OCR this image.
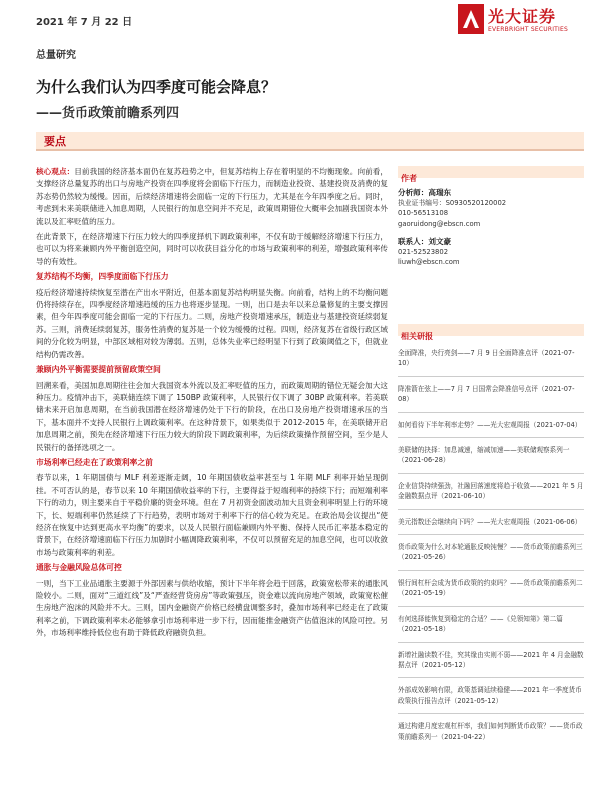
2021 年 7 月 22 日	光大证券
EVERBRIGHT SECURITIES
总量研究
为什么我们认为四季度可能会降息？
——货币政策前瞻系列四
要点

核心观点：目前我国的经济基本面仍在复苏趋势之中，但复苏结构上存在着明显的不均衡现象。向前看，支撑经济总量复苏的出口与房地产投资在四季度将会面临下行压力，而制造业投资、基建投资及消费的复苏态势仍然较为缓慢。因而，后续经济增速将会面临一定的下行压力，尤其是在今年四季度之后。同时，考虑到未来美联储进入加息周期，人民银行的加息空间并不充足，政策周期错位大概率会加剧我国资本外流以及汇率贬值的压力。

在此背景下，在经济增速下行压力较大的四季度择机下调政策利率，不仅有助于缓解经济增速下行压力，也可以为将来兼顾内外平衡创造空间，同时可以收获目益分化的市场与政策利率的利差，增强政策利率传导的有效性。

复苏结构不均衡，四季度面临下行压力

疫后经济增速持续恢复至潜在产出水平附近，但基本面复苏结构明显失衡。向前看，结构上的不均衡问题仍将持续存在，四季度经济增速趋缓的压力也将逐步显现。一则，出口是去年以来总量修复的主要支撑因素，但今年四季度可能会面临一定的下行压力。二则，房地产投资增速承压，制造业与基建投资延续弱复苏。三则，消费延续弱复苏，服务性消费的复苏是一个较为缓慢的过程。四则，经济复苏在省级行政区域间的分化较为明显，中部区域相对较为薄弱。五则，总体失业率已经明显下行到了政策阈值之下，但就业结构仍需改善。

兼顾内外平衡需要提前预留政策空间

回溯来看，美国加息周期往往会加大我国资本外流以及汇率贬值的压力，而政策周期的错位无疑会加大这种压力。疫情冲击下，美联储连续下调了 150BP 政策利率，人民银行仅下调了 30BP 政策利率。若美联储未来开启加息周期，在当前我国潜在经济增速仍处于下行的阶段，在出口及房地产投资增速承压的当下，基本面并不支持人民银行上调政策利率。在这种背景下，如果类似于 2012-2015 年，在美联储开启加息周期之前，预先在经济增速下行压力较大的阶段下调政策利率，为后续政策操作预留空间，至少是人民银行的备择选项之一。

市场利率已经走在了政策利率之前

春节以来，1 年期国债与 MLF 利差逐渐走阔，10 年期国债收益率甚至与 1 年期 MLF 利率开始呈现倒挂。不可否认的是，春节以来 10 年期国债收益率的下行，主要得益于短端利率的持续下行；而短端利率下行的动力，则主要来自于平稳价廉的资金环境。但在 7 月初资金面波动加大且资金利率明显上行的环境下，长、短端利率仍然延续了下行趋势，表明市场对于利率下行的信心较为充足。在政治局会议提出“使经济在恢复中达到更高水平均衡”的要求，以及人民银行面临兼顾内外平衡、保持人民币汇率基本稳定的背景下，在经济增速面临下行压力加剧时小幅调降政策利率，不仅可以预留充足的加息空间，也可以收敛市场与政策利率的利差。

通胀与金融风险总体可控

一则，当下工业品通胀主要源于外部因素与供给收缩，预计下半年将会趋于回落，政策宽松带来的通胀风险较小。二则，面对“三道红线”及“严查经营贷房房”等政策强压，资金难以流向房地产领域，政策宽松催生房地产泡沫的风险并不大。三则，国内金融资产价格已经横盘调整多时，叠加市场利率已经走在了政策利率之前，下调政策利率未必能够拿引市场利率进一步下行，因而能推金融资产估值泡沫的风险可控。另外，市场利率维持低位也有助于降低政府融资负担。

作者
分析师：高瑞东
执业证书编号：S0930520120002
010-56513108
gaoruidong@ebscn.com
联系人：刘文豪
021-52523802
liuwh@ebscn.com
相关研报
全面降准，央行亮剑——7 月 9 日全面降准点评（2021-07-10）
降准箭在弦上——7 月 7 日国常会降准信号点评（2021-07-08）
如何看待下半年利率走势？——光大宏观周报（2021-07-04）
美联储的抉择：加息减速，缩减加速——美联储观察系列一（2021-06-28）
企业信贷持续强劲，社融回落速度将趋于收敛——2021 年 5 月金融数据点评（2021-06-10）
美元指数还会继续向下吗？——光大宏观周报（2021-06-06）
货币政策为什么对本轮通胀反映钝慢？——货币政策前瞻系列三（2021-05-26）
银行间杠杆会成为货币政策的约束吗？——货币政策前瞻系列二（2021-05-19）
有何选择能恢复到稳定的合适？——《兑领知第》第二篇（2021-05-18）
新增社融读数不佳，究其缘由实则不弱——2021 年 4 月金融数据点评（2021-05-12）
外部成效影响有限，政策基调延续稳健——2021 年一季度货币政策执行报告点评（2021-05-12）
通过构建月度宏观杠杆率，我们如何判断货币政策？——货币政策前瞻系列一（2021-04-22）
